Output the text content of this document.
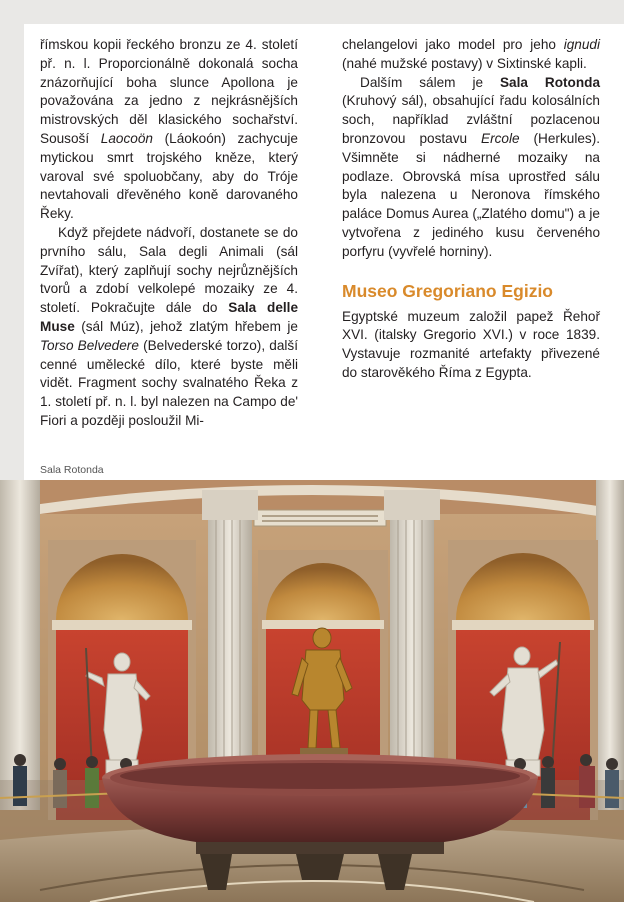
římskou kopii řeckého bronzu ze 4. století př. n. l. Proporcionálně dokonalá socha znázorňující boha slunce Apollona je považována za jedno z nejkrásnějších mistrovských děl klasického sochařství. Sousoší Laocoön (Láokoón) zachycuje mytickou smrt trojského kněze, který varoval své spoluobčany, aby do Tróje nevtahovali dřevěného koně darovaného Řeky.

Když přejdete nádvoří, dostanete se do prvního sálu, Sala degli Animali (sál Zvířat), který zaplňují sochy nejrůznějších tvorů a zdobí velkolepé mozaiky ze 4. století. Pokračujte dále do Sala delle Muse (sál Múz), jehož zlatým hřebem je Torso Belvedere (Belvederské torzo), další cenné umělecké dílo, které byste měli vidět. Fragment sochy svalnatého Řeka z 1. století př. n. l. byl nalezen na Campo de' Fiori a později posloužil Mi-

chelangelovi jako model pro jeho ignudi (nahé mužské postavy) v Sixtinské kapli.

Dalším sálem je Sala Rotonda (Kruhový sál), obsahující řadu kolosálních soch, například zvláštní pozlacenou bronzovou postavu Ercole (Herkules). Všimněte si nádherné mozaiky na podlaze. Obrovská mísa uprostřed sálu byla nalezena u Neronova římského paláce Domus Aurea („Zlatého domu") a je vytvořena z jediného kusu červeného porfyru (vyvřelé horniny).

Museo Gregoriano Egizio

Egyptské muzeum založil papež Řehoř XVI. (italsky Gregorio XVI.) v roce 1839. Vystavuje rozmanité artefakty přivezené do starověkého Říma z Egypta.

Sala Rotonda
